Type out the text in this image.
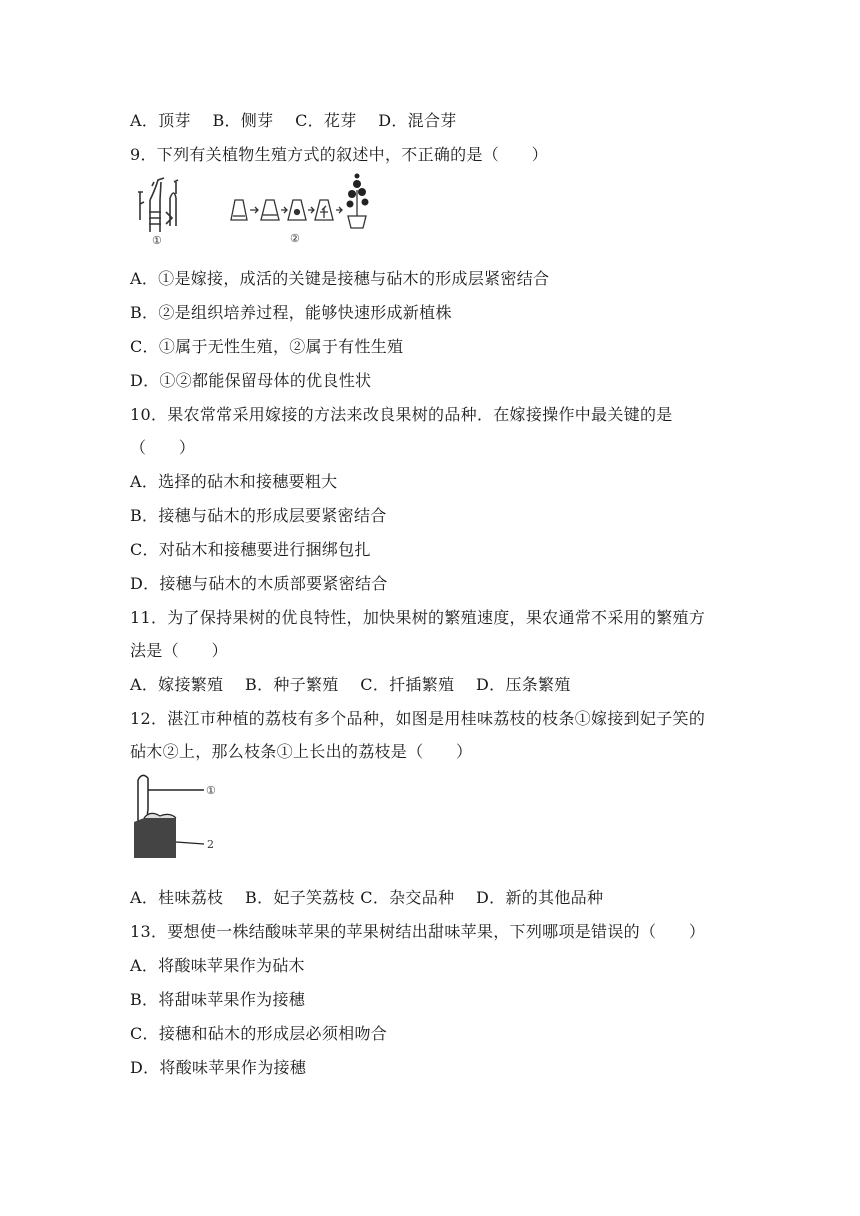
A．顶芽　 B．侧芽　 C．花芽　 D．混合芽
9．下列有关植物生殖方式的叙述中，不正确的是（　　）
①	②
A．①是嫁接，成活的关键是接穗与砧木的形成层紧密结合
B．②是组织培养过程，能够快速形成新植株
C．①属于无性生殖，②属于有性生殖
D．①②都能保留母体的优良性状
10．果农常常采用嫁接的方法来改良果树的品种．在嫁接操作中最关键的是
（　　）
A．选择的砧木和接穗要粗大
B．接穗与砧木的形成层要紧密结合
C．对砧木和接穗要进行捆绑包扎
D．接穗与砧木的木质部要紧密结合
11．为了保持果树的优良特性，加快果树的繁殖速度，果农通常不采用的繁殖方
法是（　　）
A．嫁接繁殖　 B．种子繁殖　 C．扦插繁殖　 D．压条繁殖
12．湛江市种植的荔枝有多个品种，如图是用桂味荔枝的枝条①嫁接到妃子笑的
砧木②上，那么枝条①上长出的荔枝是（　　）
①
2
A．桂味荔枝　 B．妃子笑荔枝 C．杂交品种　 D．新的其他品种
13．要想使一株结酸味苹果的苹果树结出甜味苹果，下列哪项是错误的（　　）
A．将酸味苹果作为砧木
B．将甜味苹果作为接穗
C．接穗和砧木的形成层必须相吻合
D．将酸味苹果作为接穗
